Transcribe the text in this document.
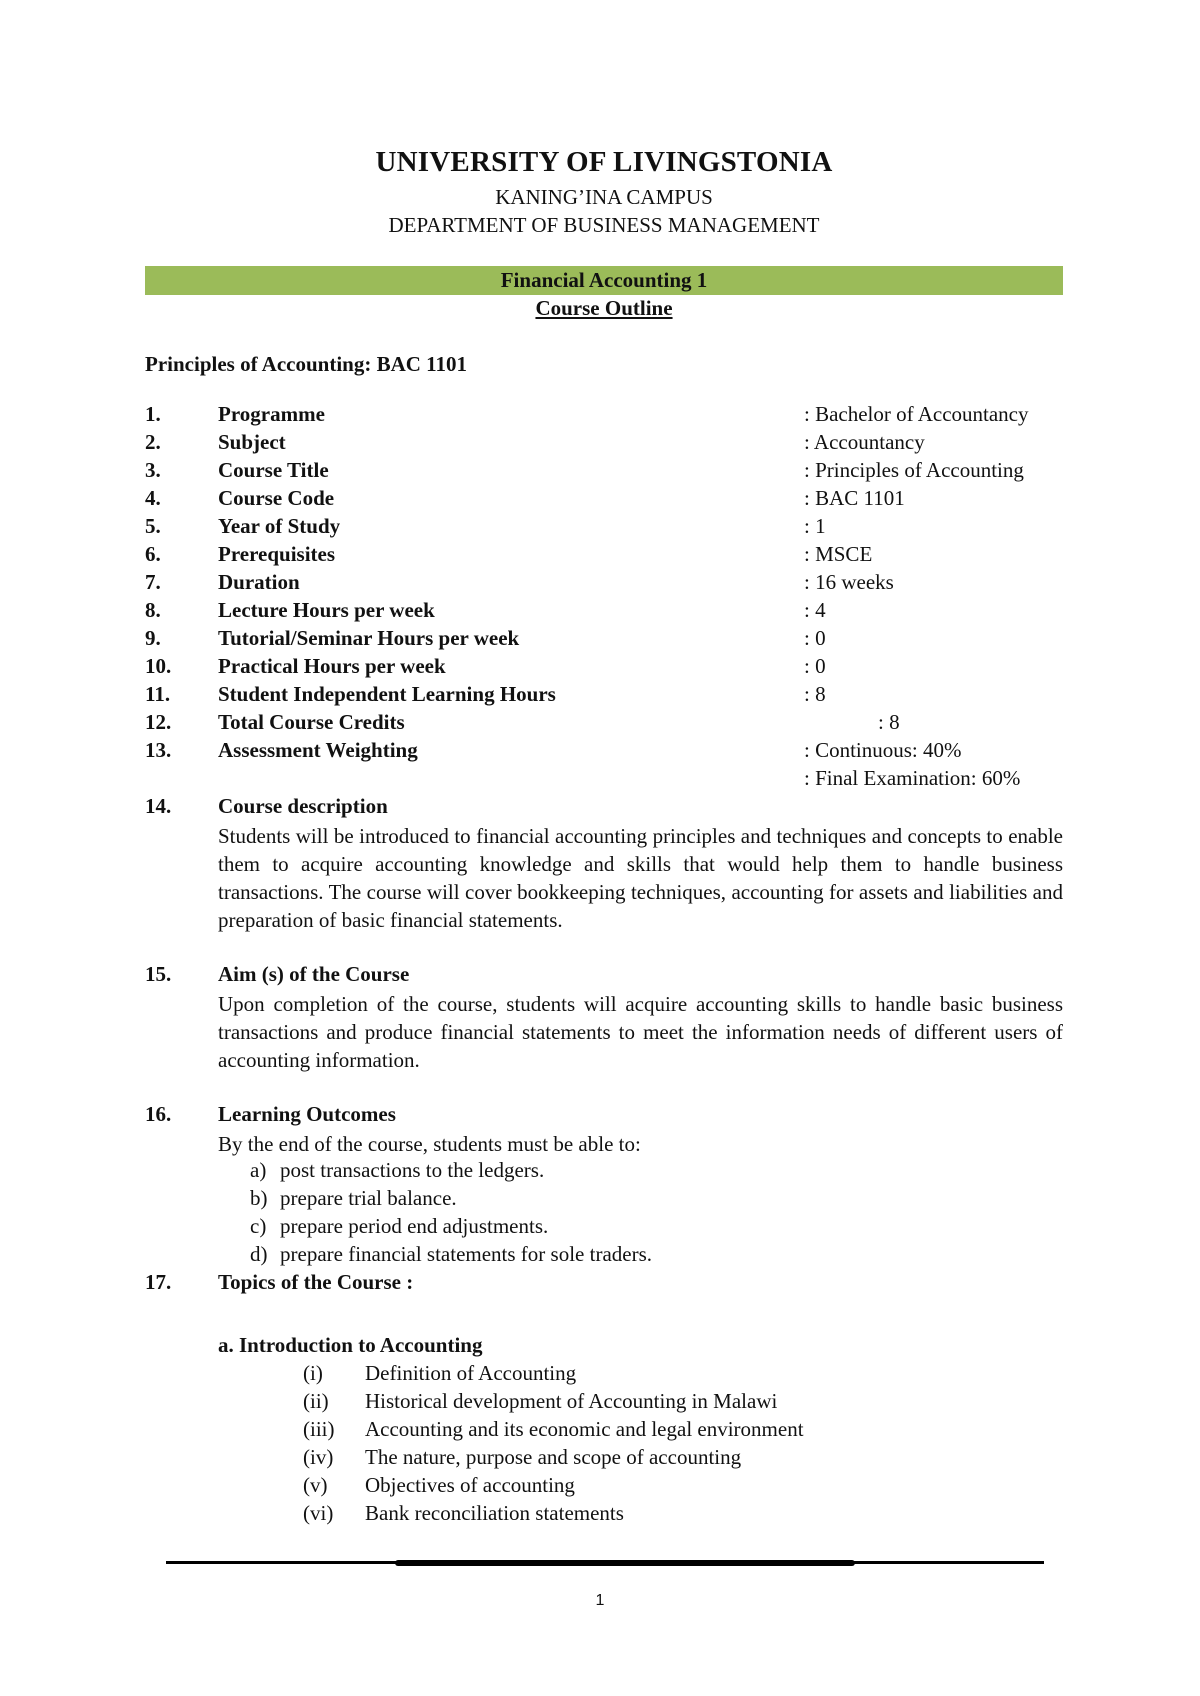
UNIVERSITY OF LIVINGSTONIA
KANING’INA CAMPUS
DEPARTMENT OF BUSINESS MANAGEMENT
Financial Accounting 1
Course Outline
Principles of Accounting: BAC 1101
1.	Programme	: Bachelor of Accountancy
2.	Subject	: Accountancy
3.	Course Title	: Principles of Accounting
4.	Course Code	: BAC 1101
5.	Year of Study	: 1
6.	Prerequisites	: MSCE
7.	Duration	: 16 weeks
8.	Lecture Hours per week	: 4
9.	Tutorial/Seminar Hours per week	: 0
10. Practical Hours per week	: 0
11. Student Independent Learning Hours	: 8
12. Total Course Credits	: 8
13. Assessment Weighting	: Continuous: 40%
: Final Examination: 60%
14. Course description

Students will be introduced to financial accounting principles and techniques and concepts to enable them to acquire accounting knowledge and skills that would help them to handle business transactions. The course will cover bookkeeping techniques, accounting for assets and liabilities and preparation of basic financial statements.

15. Aim (s) of the Course

Upon completion of the course, students will acquire accounting skills to handle basic business transactions and produce financial statements to meet the information needs of different users of accounting information.

16. Learning Outcomes
By the end of the course, students must be able to:
a) post transactions to the ledgers.
b) prepare trial balance.
c) prepare period end adjustments.
d) prepare financial statements for sole traders.
17. Topics of the Course :
a. Introduction to Accounting
(i) Definition of Accounting
(ii) Historical development of Accounting in Malawi
(iii) Accounting and its economic and legal environment
(iv) The nature, purpose and scope of accounting
(v) Objectives of accounting
(vi) Bank reconciliation statements
1
